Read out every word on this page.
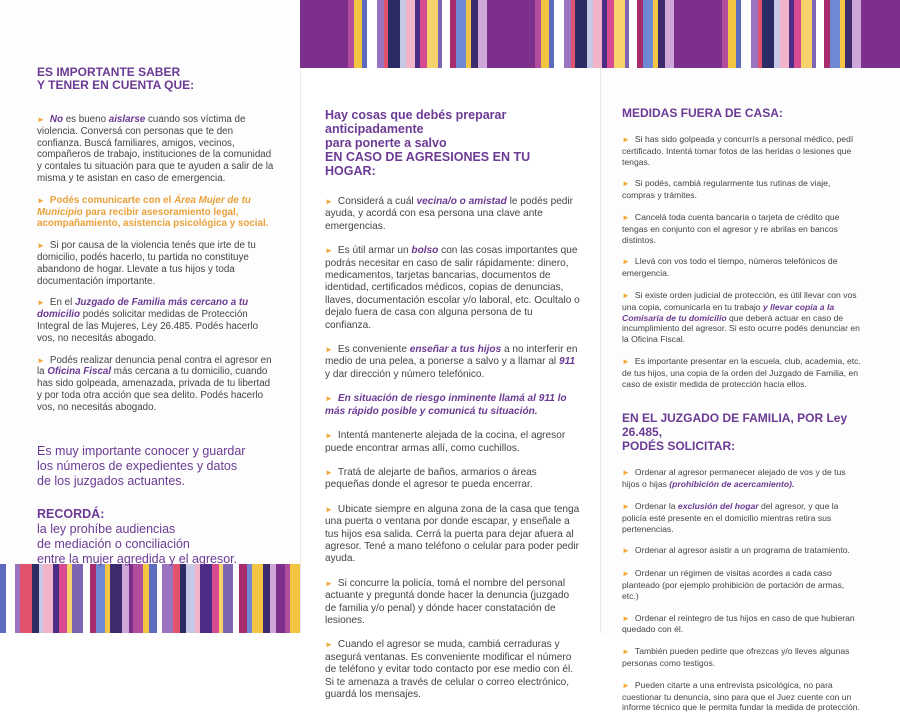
ES IMPORTANTE SABER
Y TENER EN CUENTA QUE:

► No es bueno aislarse cuando sos víctima de violencia. Conversá con personas que te den confianza. Buscá familiares, amigos, vecinos, compañeros de trabajo, instituciones de la comunidad y contales tu situación para que te ayuden a salir de la misma y te asistan en caso de emergencia.

► Podés comunicarte con el Área Mujer de tu Municipio para recibir asesoramiento legal, acompañamiento, asistencia psicológica y social.

► Si por causa de la violencia tenés que irte de tu domicilio, podés hacerlo, tu partida no constituye abandono de hogar. Llevate a tus hijos y toda documentación importante.

► En el Juzgado de Familia más cercano a tu domicilio podés solicitar medidas de Protección Integral de las Mujeres, Ley 26.485. Podés hacerlo vos, no necesitás abogado.

► Podés realizar denuncia penal contra el agresor en la Oficina Fiscal más cercana a tu domicilio, cuando has sido golpeada, amenazada, privada de tu libertad y por toda otra acción que sea delito. Podés hacerlo vos, no necesitás abogado.

Es muy importante conocer y guardar
los números de expedientes y datos
de los juzgados actuantes.

RECORDÁ:
la ley prohíbe audiencias
de mediación o conciliación
entre la mujer agredida y el agresor.

Hay cosas que debés preparar anticipadamente
para ponerte a salvo
EN CASO DE AGRESIONES EN TU HOGAR:

► Considerá a cuál vecina/o o amistad le podés pedir ayuda, y acordá con esa persona una clave ante emergencias.

► Es útil armar un bolso con las cosas importantes que podrás necesitar en caso de salir rápidamente: dinero, medicamentos, tarjetas bancarias, documentos de identidad, certificados médicos, copias de denuncias, llaves, documentación escolar y/o laboral, etc. Ocultalo o dejalo fuera de casa con alguna persona de tu confianza.

► Es conveniente enseñar a tus hijos a no interferir en medio de una pelea, a ponerse a salvo y a llamar al 911 y dar dirección y número telefónico.

► En situación de riesgo inminente llamá al 911 lo más rápido posible y comunicá tu situación.

► Intentá mantenerte alejada de la cocina, el agresor puede encontrar armas allí, como cuchillos.

► Tratá de alejarte de baños, armarios o áreas pequeñas donde el agresor te pueda encerrar.

► Ubicate siempre en alguna zona de la casa que tenga una puerta o ventana por donde escapar, y enseñale a tus hijos esa salida. Cerrá la puerta para dejar afuera al agresor. Tené a mano teléfono o celular para poder pedir ayuda.

► Si concurre la policía, tomá el nombre del personal actuante y preguntá donde hacer la denuncia (juzgado de familia y/o penal) y dónde hacer constatación de lesiones.

► Cuando el agresor se muda, cambiá cerraduras y asegurá ventanas. Es conveniente modificar el número de teléfono y evitar todo contacto por ese medio con él. Si te amenaza a través de celular o correo electrónico, guardá los mensajes.

MEDIDAS FUERA DE CASA:

► Si has sido golpeada y concurrís a personal médico, pedí certificado. Intentá tomar fotos de las heridas o lesiones que tengas.

► Si podés, cambiá regularmente tus rutinas de viaje, compras y trámites.

► Cancelá toda cuenta bancaria o tarjeta de crédito que tengas en conjunto con el agresor y re abrilas en bancos distintos.

► Llevá con vos todo el tiempo, números telefónicos de emergencia.

► Si existe orden judicial de protección, es útil llevar con vos una copia, comunicarla en tu trabajo y llevar copia a la Comisaría de tu domicilio que deberá actuar en caso de incumplimiento del agresor. Si esto ocurre podés denunciar en la Oficina Fiscal.

► Es importante presentar en la escuela, club, academia, etc. de tus hijos, una copia de la orden del Juzgado de Familia, en caso de existir medida de protección hacia ellos.

EN EL JUZGADO DE FAMILIA, POR Ley 26.485,
PODÉS SOLICITAR:

► Ordenar al agresor permanecer alejado de vos y de tus hijos o hijas (prohibición de acercamiento).

► Ordenar la exclusión del hogar del agresor, y que la policía esté presente en el domicilio mientras retira sus pertenencias.

► Ordenar al agresor asistir a un programa de tratamiento.

► Ordenar un régimen de visitas acordes a cada caso planteado (por ejemplo prohibición de portación de armas, etc.)

► Ordenar el reintegro de tus hijos en caso de que hubieran quedado con él.

► También pueden pedirte que ofrezcas y/o lleves algunas personas como testigos.

► Pueden citarte a una entrevista psicológica, no para cuestionar tu denuncia, sino para que el Juez cuente con un informe técnico que le permita fundar la medida de protección.
